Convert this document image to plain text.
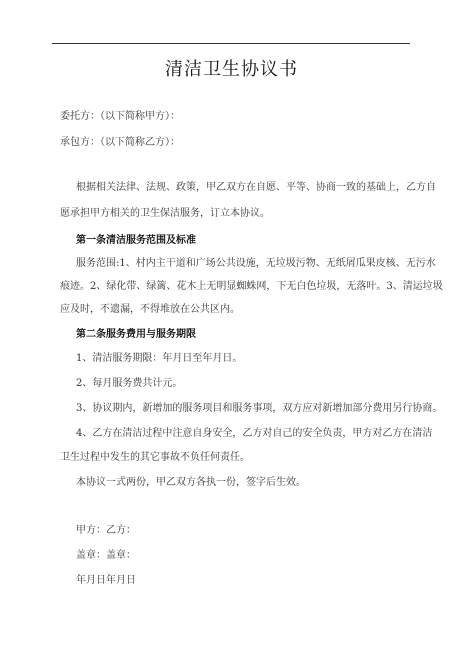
清洁卫生协议书
委托方：（以下简称甲方）：
承包方：（以下简称乙方）：
根据相关法律、法规、政策，甲乙双方在自愿、平等、协商一致的基础上，乙方自
愿承担甲方相关的卫生保洁服务，订立本协议。
第一条清洁服务范围及标准
服务范围:1、村内主干道和广场公共设施，无垃圾污物、无纸屑瓜果皮核、无污水
痕迹。2、绿化带、绿篱、花木上无明显蜘蛛网，下无白色垃圾，无落叶。3、清运垃圾
应及时，不遗漏，不得堆放在公共区内。
第二条服务费用与服务期限
1、清洁服务期限：年月日至年月日。
2、每月服务费共计元。
3、协议期内，新增加的服务项目和服务事项，双方应对新增加部分费用另行协商。
4、乙方在清洁过程中注意自身安全，乙方对自己的安全负责，甲方对乙方在清洁
卫生过程中发生的其它事故不负任何责任。
本协议一式两份，甲乙双方各执一份，签字后生效。
甲方：乙方：
盖章：盖章：
年月日年月日
